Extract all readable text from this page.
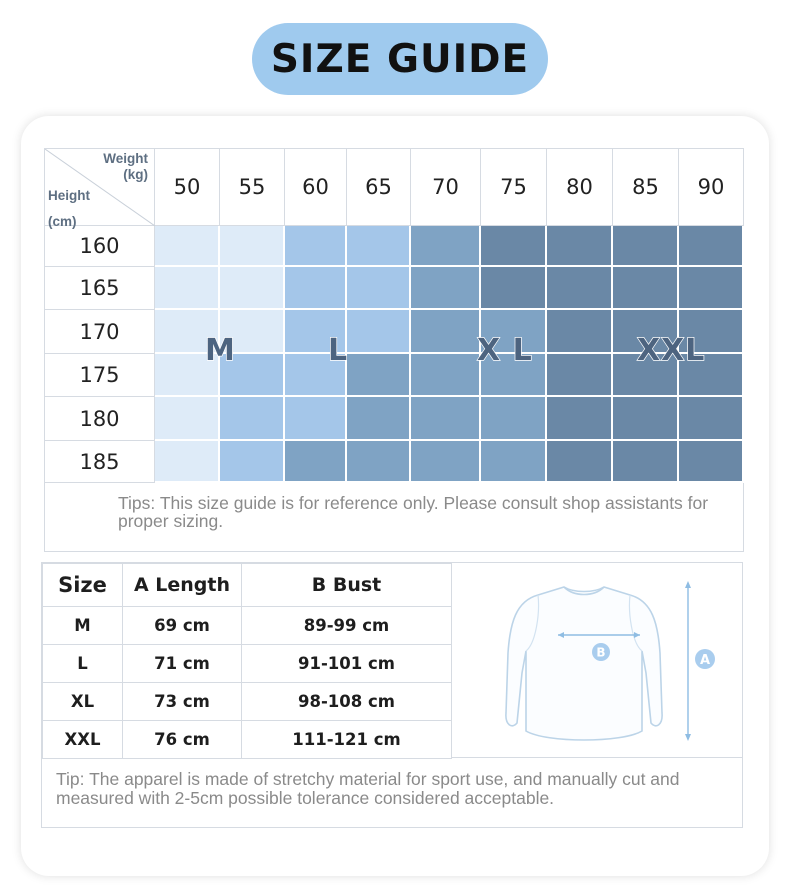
SIZE GUIDE
Weight
(kg)
Height
(cm)
50	55	60	65	70	75	80	85	90
160
165
170
175
180
185
M	L	X L	XXL
Tips: This size guide is for reference only. Please consult shop assistants for proper sizing.
Size	A Length	B Bust
M	69 cm	89-99 cm
L	71 cm	91-101 cm
XL	73 cm	98-108 cm
XXL	76 cm	111-121 cm
B
A
Tip: The apparel is made of stretchy material for sport use, and manually cut and measured with 2-5cm possible tolerance considered acceptable.
